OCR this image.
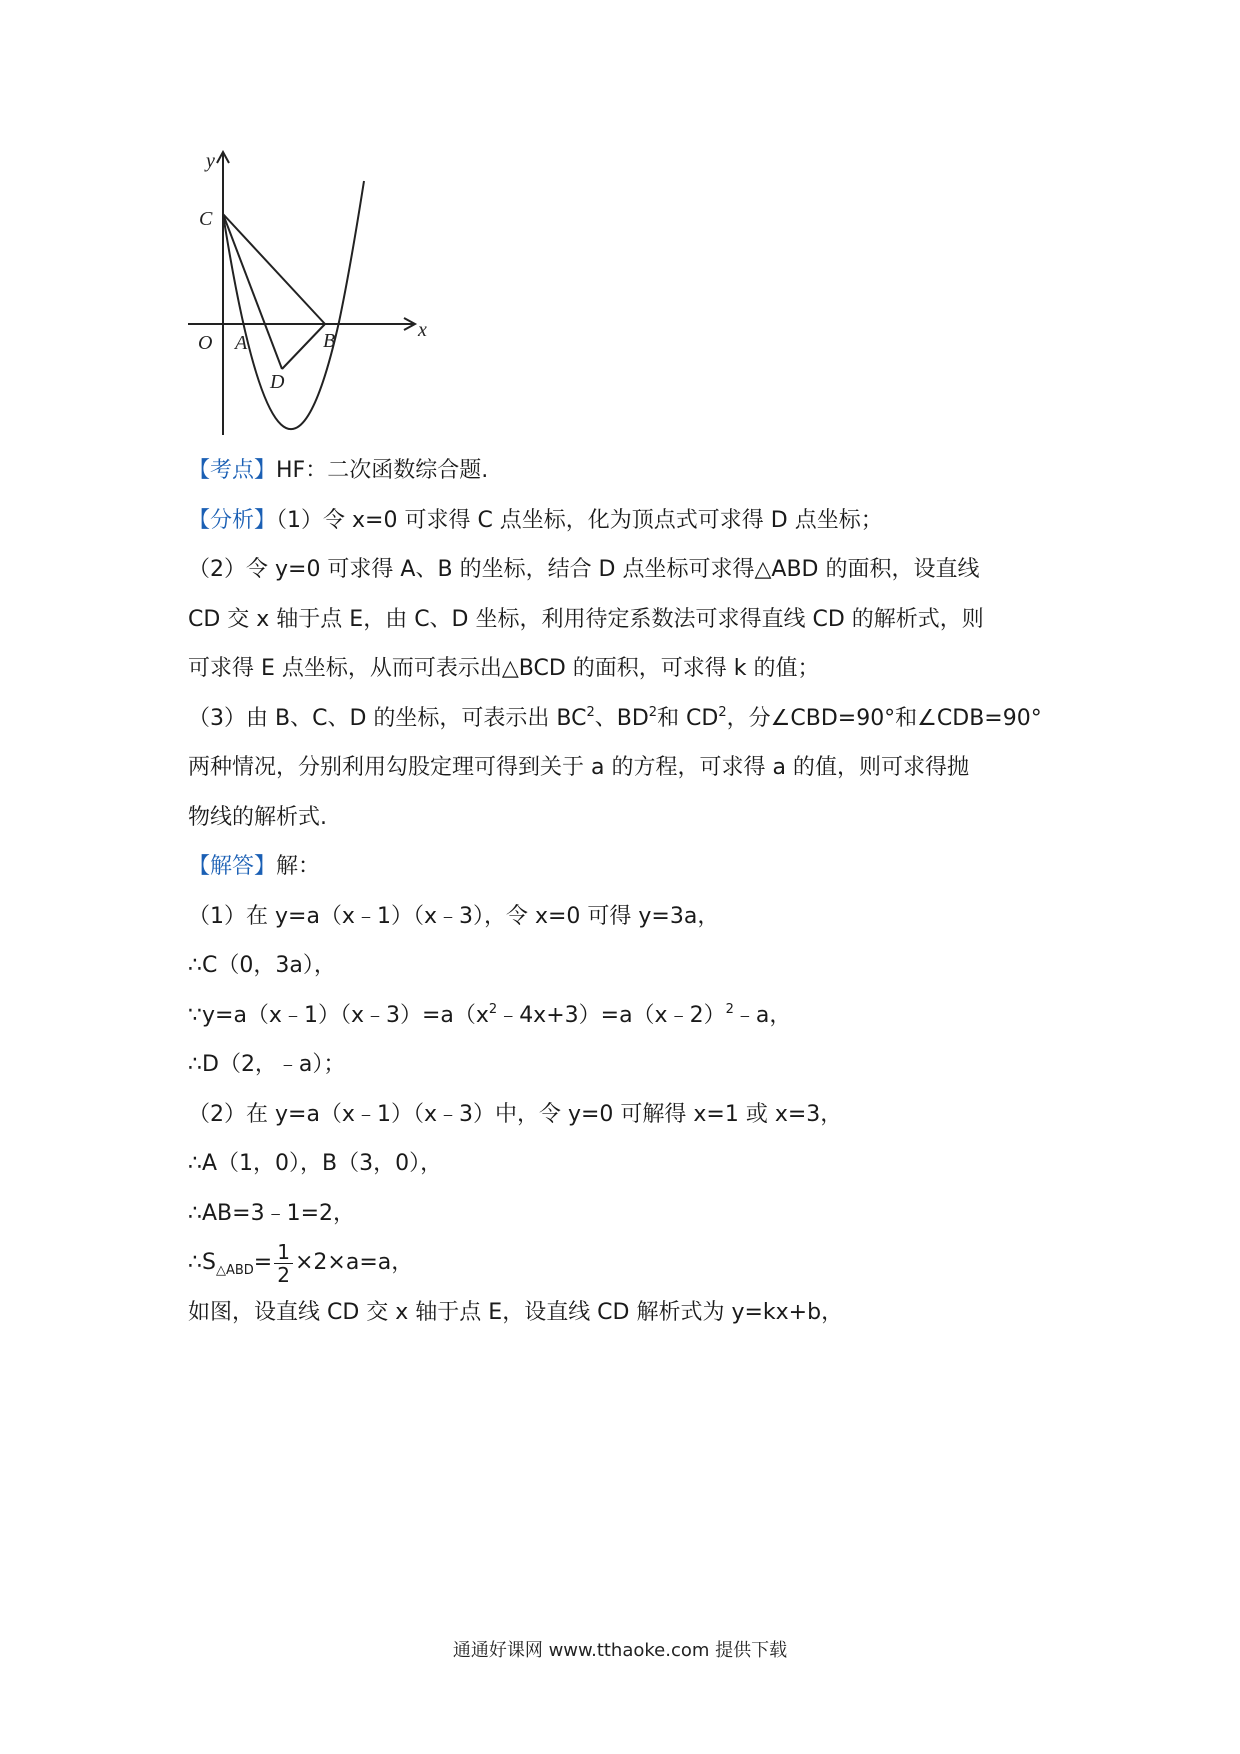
y
x
O A	B
C
D
【考点】HF：二次函数综合题.
【分析】（1）令 x=0 可求得 C 点坐标，化为顶点式可求得 D 点坐标；
（2）令 y=0 可求得 A、B 的坐标，结合 D 点坐标可求得△ABD 的面积，设直线
CD 交 x 轴于点 E，由 C、D 坐标，利用待定系数法可求得直线 CD 的解析式，则
可求得 E 点坐标，从而可表示出△BCD 的面积，可求得 k 的值；
（3）由 B、C、D 的坐标，可表示出 $BC^2$、$BD^2$和 $CD^2$，分∠CBD=90°和∠CDB=90°
两种情况，分别利用勾股定理可得到关于 a 的方程，可求得 a 的值，则可求得抛
物线的解析式.
【解答】解：
（1）在 y=a（x﹣1）（x﹣3），令 x=0 可得 y=3a，
∴C（0，3a），
$\because y=a(x﹣1)(x﹣3)=a(x^2﹣4x+3)=a(x﹣2)^2﹣a$，
∴D（2，﹣a）；
（2）在 y=a（x﹣1）（x﹣3）中，令 y=0 可解得 x=1 或 x=3，
∴A（1，0），B（3，0），
∴AB=3﹣1=2，
$\therefore S_{\triangle ABD}= \frac{1}{2} \times 2\times a=a$，
如图，设直线 CD 交 x 轴于点 E，设直线 CD 解析式为 y=kx+b，
通通好课网 www.tthaoke.com 提供下载
